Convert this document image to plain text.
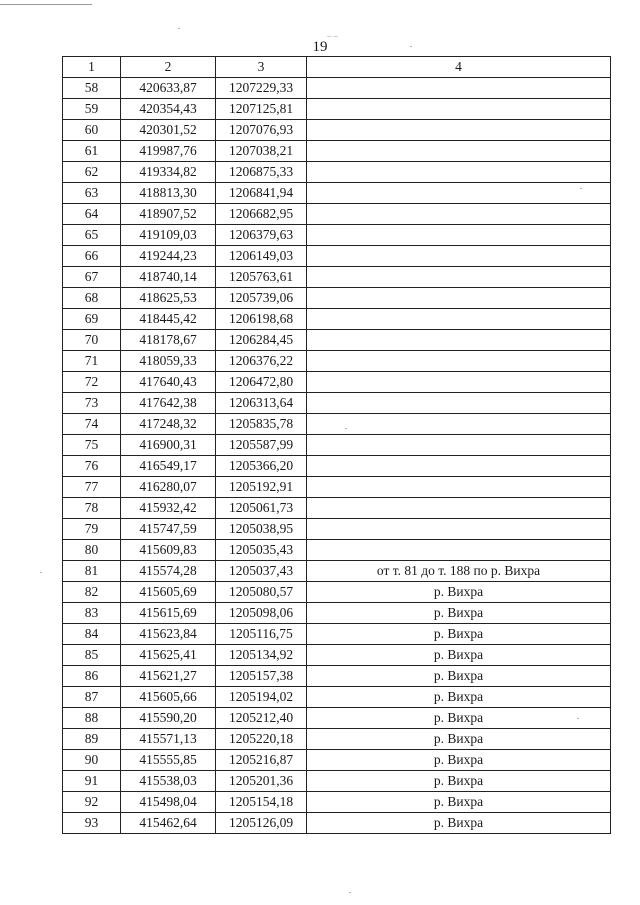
19‾ ‾
1	2	3	4
58	420633,87	1207229,33	
59	420354,43	1207125,81	
60	420301,52	1207076,93	
61	419987,76	1207038,21	
62	419334,82	1206875,33	
63	418813,30	1206841,94	
64	418907,52	1206682,95	
65	419109,03	1206379,63	
66	419244,23	1206149,03	
67	418740,14	1205763,61	
68	418625,53	1205739,06	
69	418445,42	1206198,68	
70	418178,67	1206284,45	
71	418059,33	1206376,22	
72	417640,43	1206472,80	
73	417642,38	1206313,64	
74	417248,32	1205835,78	
75	416900,31	1205587,99	
76	416549,17	1205366,20	
77	416280,07	1205192,91	
78	415932,42	1205061,73	
79	415747,59	1205038,95	
80	415609,83	1205035,43	
81	415574,28	1205037,43	от т. 81 до т. 188 по р. Вихра
82	415605,69	1205080,57	р. Вихра
83	415615,69	1205098,06	р. Вихра
84	415623,84	1205116,75	р. Вихра
85	415625,41	1205134,92	р. Вихра
86	415621,27	1205157,38	р. Вихра
87	415605,66	1205194,02	р. Вихра
88	415590,20	1205212,40	р. Вихра
89	415571,13	1205220,18	р. Вихра
90	415555,85	1205216,87	р. Вихра
91	415538,03	1205201,36	р. Вихра
92	415498,04	1205154,18	р. Вихра
93	415462,64	1205126,09	р. Вихра
